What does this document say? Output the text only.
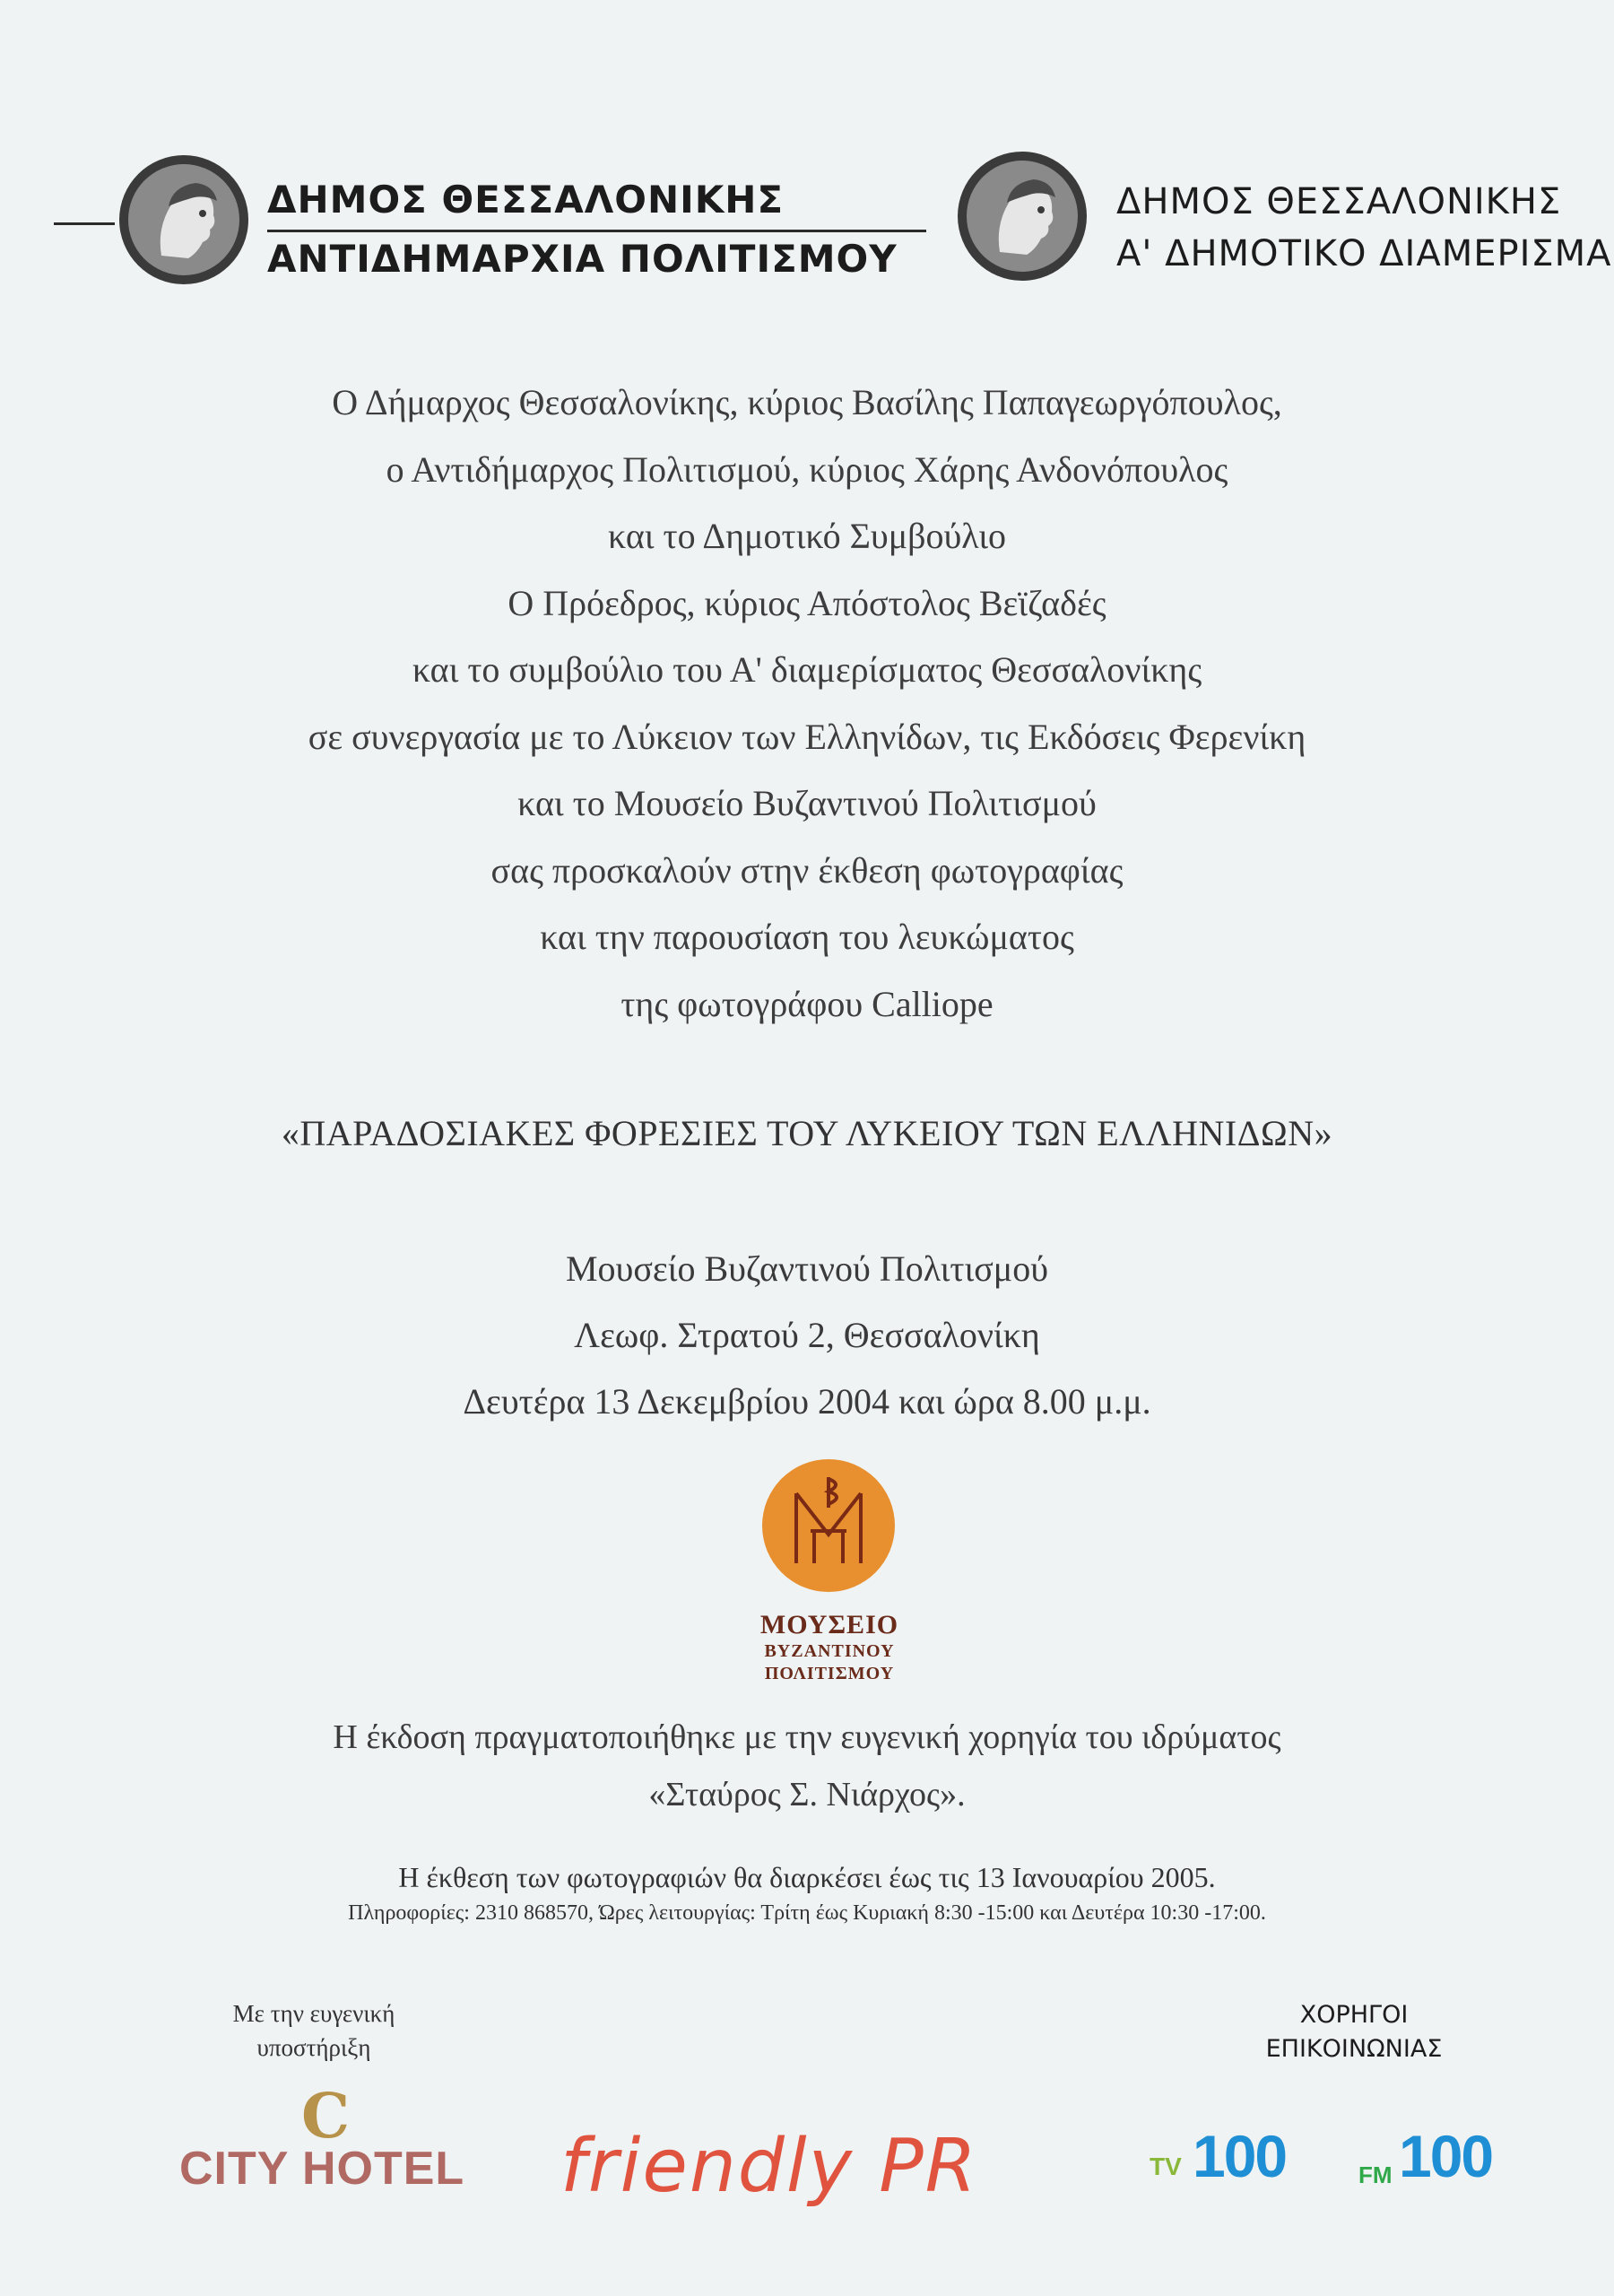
ΔΗΜΟΣ ΘΕΣΣΑΛΟΝΙΚΗΣ
ΑΝΤΙΔΗΜΑΡΧΙΑ ΠΟΛΙΤΙΣΜΟΥ
ΔΗΜΟΣ ΘΕΣΣΑΛΟΝΙΚΗΣ
Α' ΔΗΜΟΤΙΚΟ ΔΙΑΜΕΡΙΣΜΑ
Ο Δήμαρχος Θεσσαλονίκης, κύριος Βασίλης Παπαγεωργόπουλος,
ο Αντιδήμαρχος Πολιτισμού, κύριος Χάρης Ανδονόπουλος
και το Δημοτικό Συμβούλιο
Ο Πρόεδρος, κύριος Απόστολος Βεϊζαδές
και το συμβούλιο του Α' διαμερίσματος Θεσσαλονίκης
σε συνεργασία με το Λύκειον των Ελληνίδων, τις Εκδόσεις Φερενίκη
και το Μουσείο Βυζαντινού Πολιτισμού
σας προσκαλούν στην έκθεση φωτογραφίας
και την παρουσίαση του λευκώματος
της φωτογράφου Calliope
«ΠΑΡΑΔΟΣΙΑΚΕΣ ΦΟΡΕΣΙΕΣ ΤΟΥ ΛΥΚΕΙΟΥ ΤΩΝ ΕΛΛΗΝΙΔΩΝ»
Μουσείο Βυζαντινού Πολιτισμού
Λεωφ. Στρατού 2, Θεσσαλονίκη
Δευτέρα 13 Δεκεμβρίου 2004 και ώρα 8.00 μ.μ.
ΜΟΥΣΕΙΟ
ΒΥΖΑΝΤΙΝΟΥ
ΠΟΛΙΤΙΣΜΟΥ
Η έκδοση πραγματοποιήθηκε με την ευγενική χορηγία του ιδρύματος
«Σταύρος Σ. Νιάρχος».
Η έκθεση των φωτογραφιών θα διαρκέσει έως τις 13 Ιανουαρίου 2005.
Πληροφορίες: 2310 868570, Ώρες λειτουργίας: Τρίτη έως Κυριακή 8:30 -15:00 και Δευτέρα 10:30 -17:00.
Με την ευγενική
υποστήριξη
ΧΟΡΗΓΟΙ
ΕΠΙΚΟΙΝΩΝΙΑΣ
C
CITY HOTEL friendly PR	TV 100	FM 100
